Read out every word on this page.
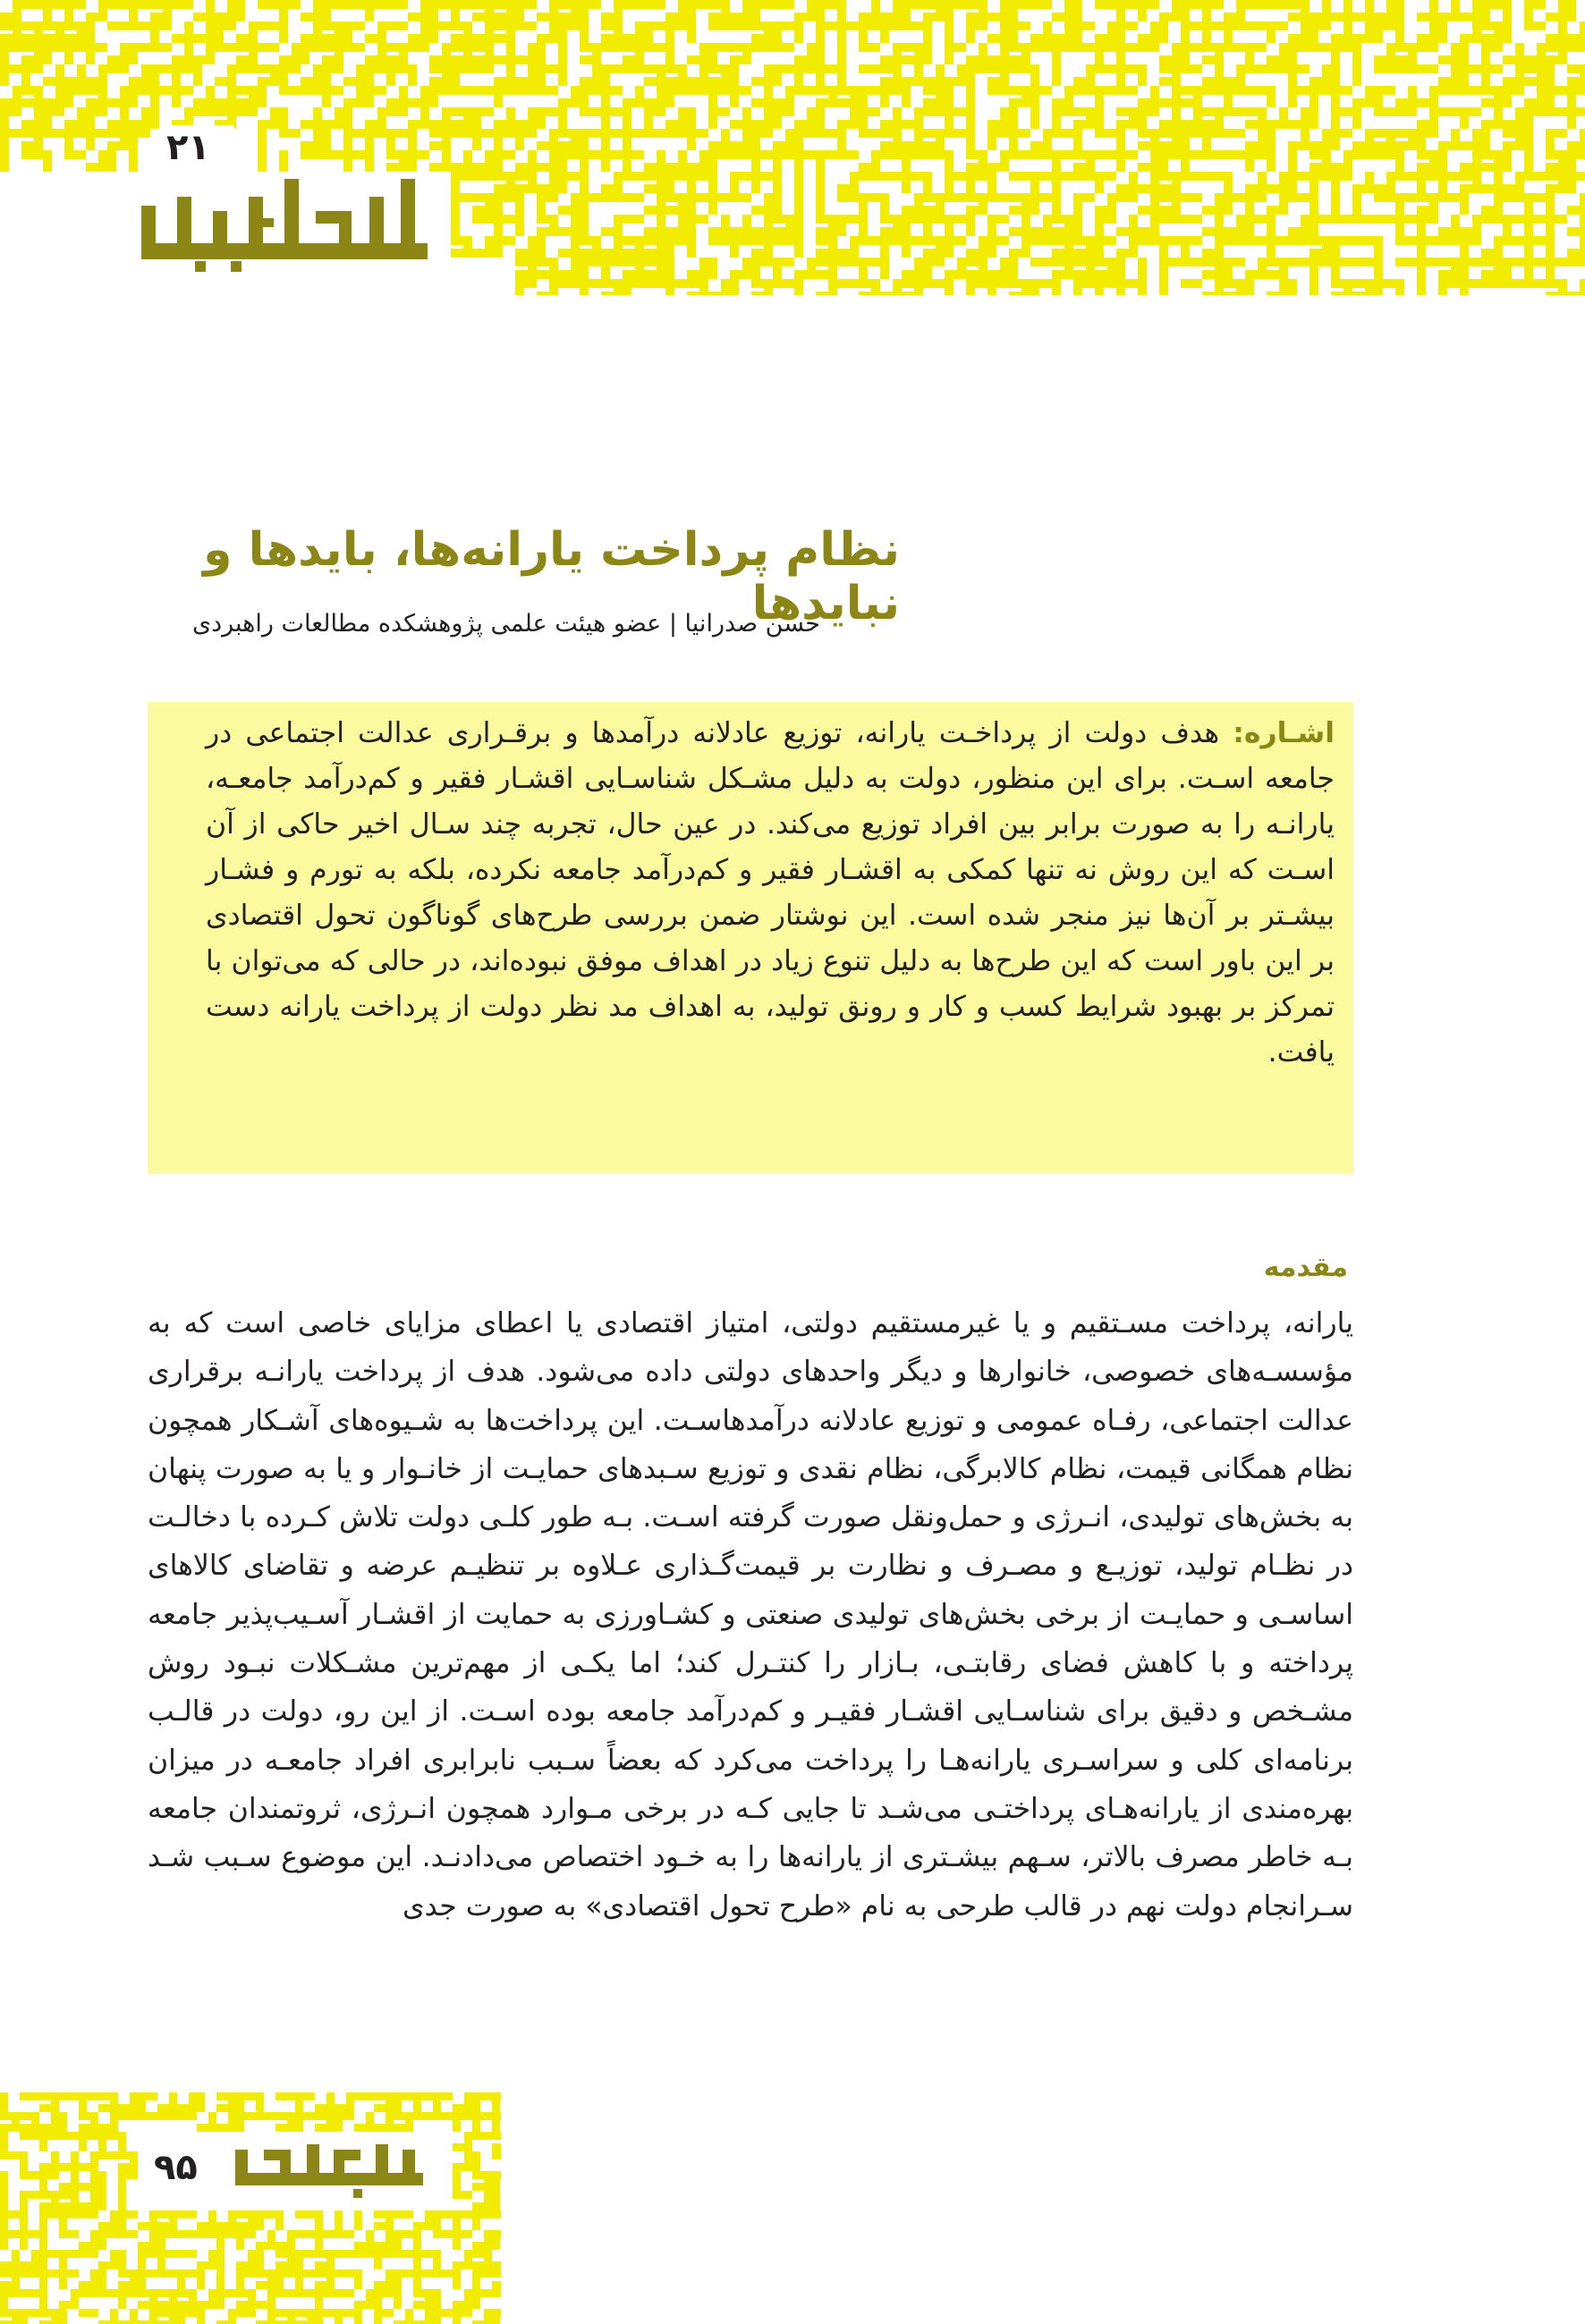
۲۱
نظام پرداخت یارانه‌ها، بایدها و نبایدها
حسن صدرانیا | عضو هیئت علمی پژوهشکده مطالعات راهبردی
اشـاره: هدف دولت از پرداخـت یارانه، توزیع عادلانه درآمدها و برقـراری عدالت اجتماعی در جامعه اسـت. برای این منظور، دولت به دلیل مشـکل شناسـایی اقشـار فقیر و کم‌درآمد جامعـه، یارانـه را به صورت برابر بین افراد توزیع می‌کند. در عین حال، تجربه چند سـال اخیر حاکی از آن اسـت که این روش نه تنها کمکی به اقشـار فقیر و کم‌درآمد جامعه نکرده، بلکه به تورم و فشـار بیشـتر بر آن‌ها نیز منجر شده است. این نوشتار ضمن بررسی طرح‌های گوناگون تحول اقتصادی بر این باور است که این طرح‌ها به دلیل تنوع زیاد در اهداف موفق نبوده‌اند، در حالی که می‌توان با تمرکز بر بهبود شرایط کسب و کار و رونق تولید، به اهداف مد نظر دولت از پرداخت یارانه دست یافت.
مقدمه
یارانه، پرداخت مسـتقیم و یا غیرمستقیم دولتی، امتیاز اقتصادی یا اعطای مزایای خاصی است که به مؤسسـه‌های خصوصی، خانوارها و دیگر واحدهای دولتی داده می‌شود. هدف از پرداخت یارانـه برقراری عدالت اجتماعی، رفـاه عمومی و توزیع عادلانه درآمدهاسـت. این پرداخت‌ها به شـیوه‌های آشـکار همچون نظام همگانی قیمت، نظام کالابرگی، نظام نقدی و توزیع سـبدهای حمایـت از خانـوار و یا به صورت پنهان به بخش‌های تولیدی، انـرژی و حمل‌ونقل صورت گرفته اسـت. بـه طور کلـی دولت تلاش کـرده با دخالـت در نظـام تولید، توزیـع و مصـرف و نظارت بر قیمت‌گـذاری عـلاوه بر تنظیـم عرضه و تقاضای کالاهای اساسـی و حمایـت از برخی بخش‌های تولیدی صنعتی و کشـاورزی به حمایت از اقشـار آسـیب‌پذیر جامعه پرداخته و با کاهش فضای رقابتـی، بـازار را کنتـرل کند؛ اما یکـی از مهم‌ترین مشـکلات نبـود روش مشـخص و دقیق برای شناسـایی اقشـار فقیـر و کم‌درآمد جامعه بوده اسـت. از این رو، دولت در قالـب برنامه‌ای کلی و سراسـری یارانه‌هـا را پرداخت می‌کرد که بعضاً سـبب نابرابری افراد جامعـه در میزان بهره‌مندی از یارانه‌هـای پرداختـی می‌شـد تا جایی کـه در برخی مـوارد همچون انـرژی، ثروتمندان جامعه بـه خاطر مصرف بالاتر، سـهم بیشـتری از یارانه‌ها را به خـود اختصاص می‌دادنـد. این موضوع سـبب شـد سـرانجام دولت نهم در قالب طرحی به نام «طرح تحول اقتصادی» به صورت جدی
۹۵
